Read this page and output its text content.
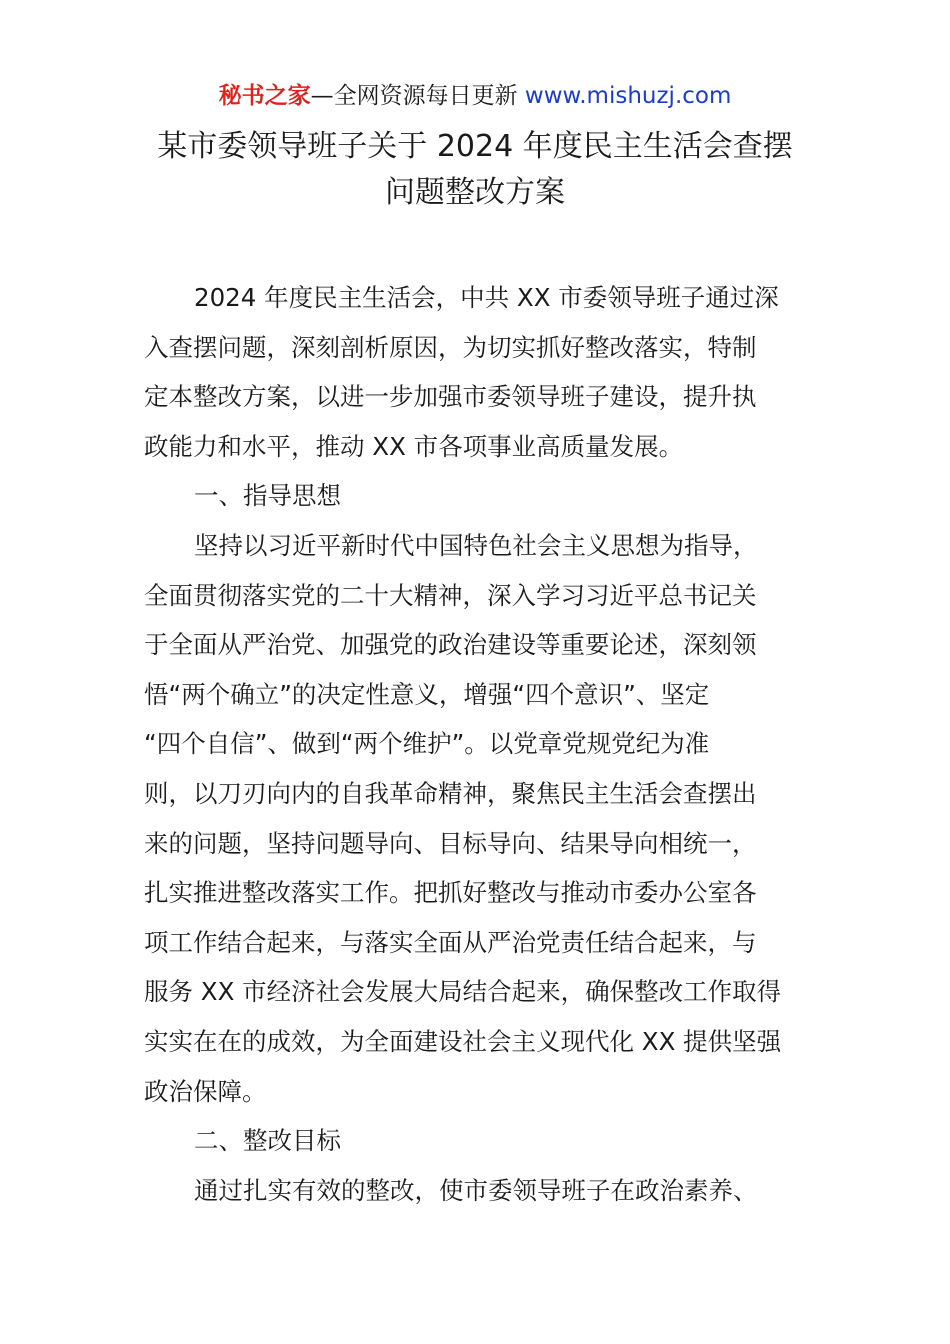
秘书之家—全网资源每日更新 www.mishuzj.com
某市委领导班子关于 2024 年度民主生活会查摆
问题整改方案
2024 年度民主生活会，中共 XX 市委领导班子通过深
入查摆问题，深刻剖析原因，为切实抓好整改落实，特制
定本整改方案，以进一步加强市委领导班子建设，提升执
政能力和水平，推动 XX 市各项事业高质量发展。
一、指导思想
坚持以习近平新时代中国特色社会主义思想为指导，
全面贯彻落实党的二十大精神，深入学习习近平总书记关
于全面从严治党、加强党的政治建设等重要论述，深刻领
悟“两个确立”的决定性意义，增强“四个意识”、坚定
“四个自信”、做到“两个维护”。以党章党规党纪为准
则，以刀刃向内的自我革命精神，聚焦民主生活会查摆出
来的问题，坚持问题导向、目标导向、结果导向相统一，
扎实推进整改落实工作。把抓好整改与推动市委办公室各
项工作结合起来，与落实全面从严治党责任结合起来，与
服务 XX 市经济社会发展大局结合起来，确保整改工作取得
实实在在的成效，为全面建设社会主义现代化 XX 提供坚强
政治保障。
二、整改目标
通过扎实有效的整改，使市委领导班子在政治素养、
